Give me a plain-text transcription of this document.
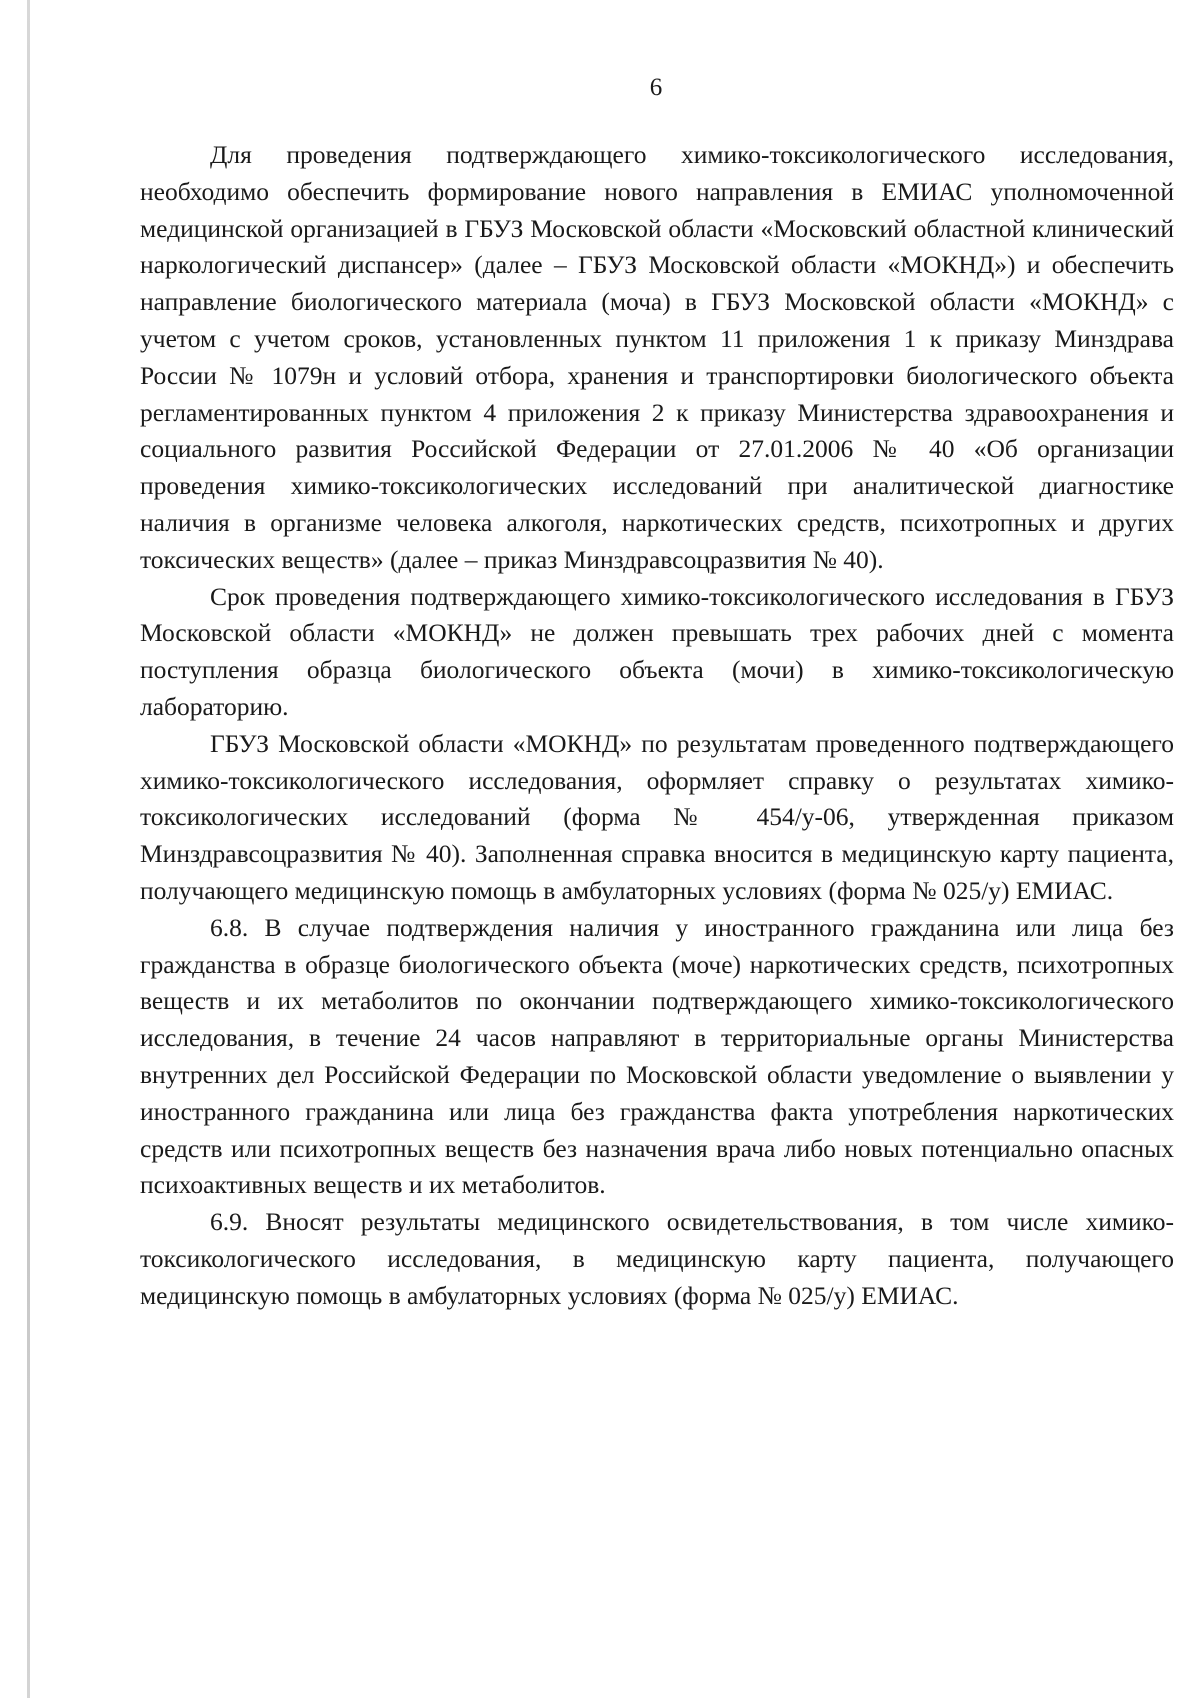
6

Для проведения подтверждающего химико-токсикологического исследования, необходимо обеспечить формирование нового направления в ЕМИАС уполномоченной медицинской организацией в ГБУЗ Московской области «Московский областной клинический наркологический диспансер» (далее – ГБУЗ Московской области «МОКНД») и обеспечить направление биологического материала (моча) в ГБУЗ Московской области «МОКНД» с учетом с учетом сроков, установленных пунктом 11 приложения 1 к приказу Минздрава России № 1079н и условий отбора, хранения и транспортировки биологического объекта регламентированных пунктом 4 приложения 2 к приказу Министерства здравоохранения и социального развития Российской Федерации от 27.01.2006 № 40 «Об организации проведения химико-токсикологических исследований при аналитической диагностике наличия в организме человека алкоголя, наркотических средств, психотропных и других токсических веществ» (далее – приказ Минздравсоцразвития № 40).

Срок проведения подтверждающего химико-токсикологического исследования в ГБУЗ Московской области «МОКНД» не должен превышать трех рабочих дней с момента поступления образца биологического объекта (мочи) в химико-токсикологическую лабораторию.

ГБУЗ Московской области «МОКНД» по результатам проведенного подтверждающего химико-токсикологического исследования, оформляет справку о результатах химико-токсикологических исследований (форма № 454/у-06, утвержденная приказом Минздравсоцразвития № 40). Заполненная справка вносится в медицинскую карту пациента, получающего медицинскую помощь в амбулаторных условиях (форма № 025/у) ЕМИАС.

6.8. В случае подтверждения наличия у иностранного гражданина или лица без гражданства в образце биологического объекта (моче) наркотических средств, психотропных веществ и их метаболитов по окончании подтверждающего химико-токсикологического исследования, в течение 24 часов направляют в территориальные органы Министерства внутренних дел Российской Федерации по Московской области уведомление о выявлении у иностранного гражданина или лица без гражданства факта употребления наркотических средств или психотропных веществ без назначения врача либо новых потенциально опасных психоактивных веществ и их метаболитов.

6.9. Вносят результаты медицинского освидетельствования, в том числе химико-токсикологического исследования, в медицинскую карту пациента, получающего медицинскую помощь в амбулаторных условиях (форма № 025/у) ЕМИАС.
